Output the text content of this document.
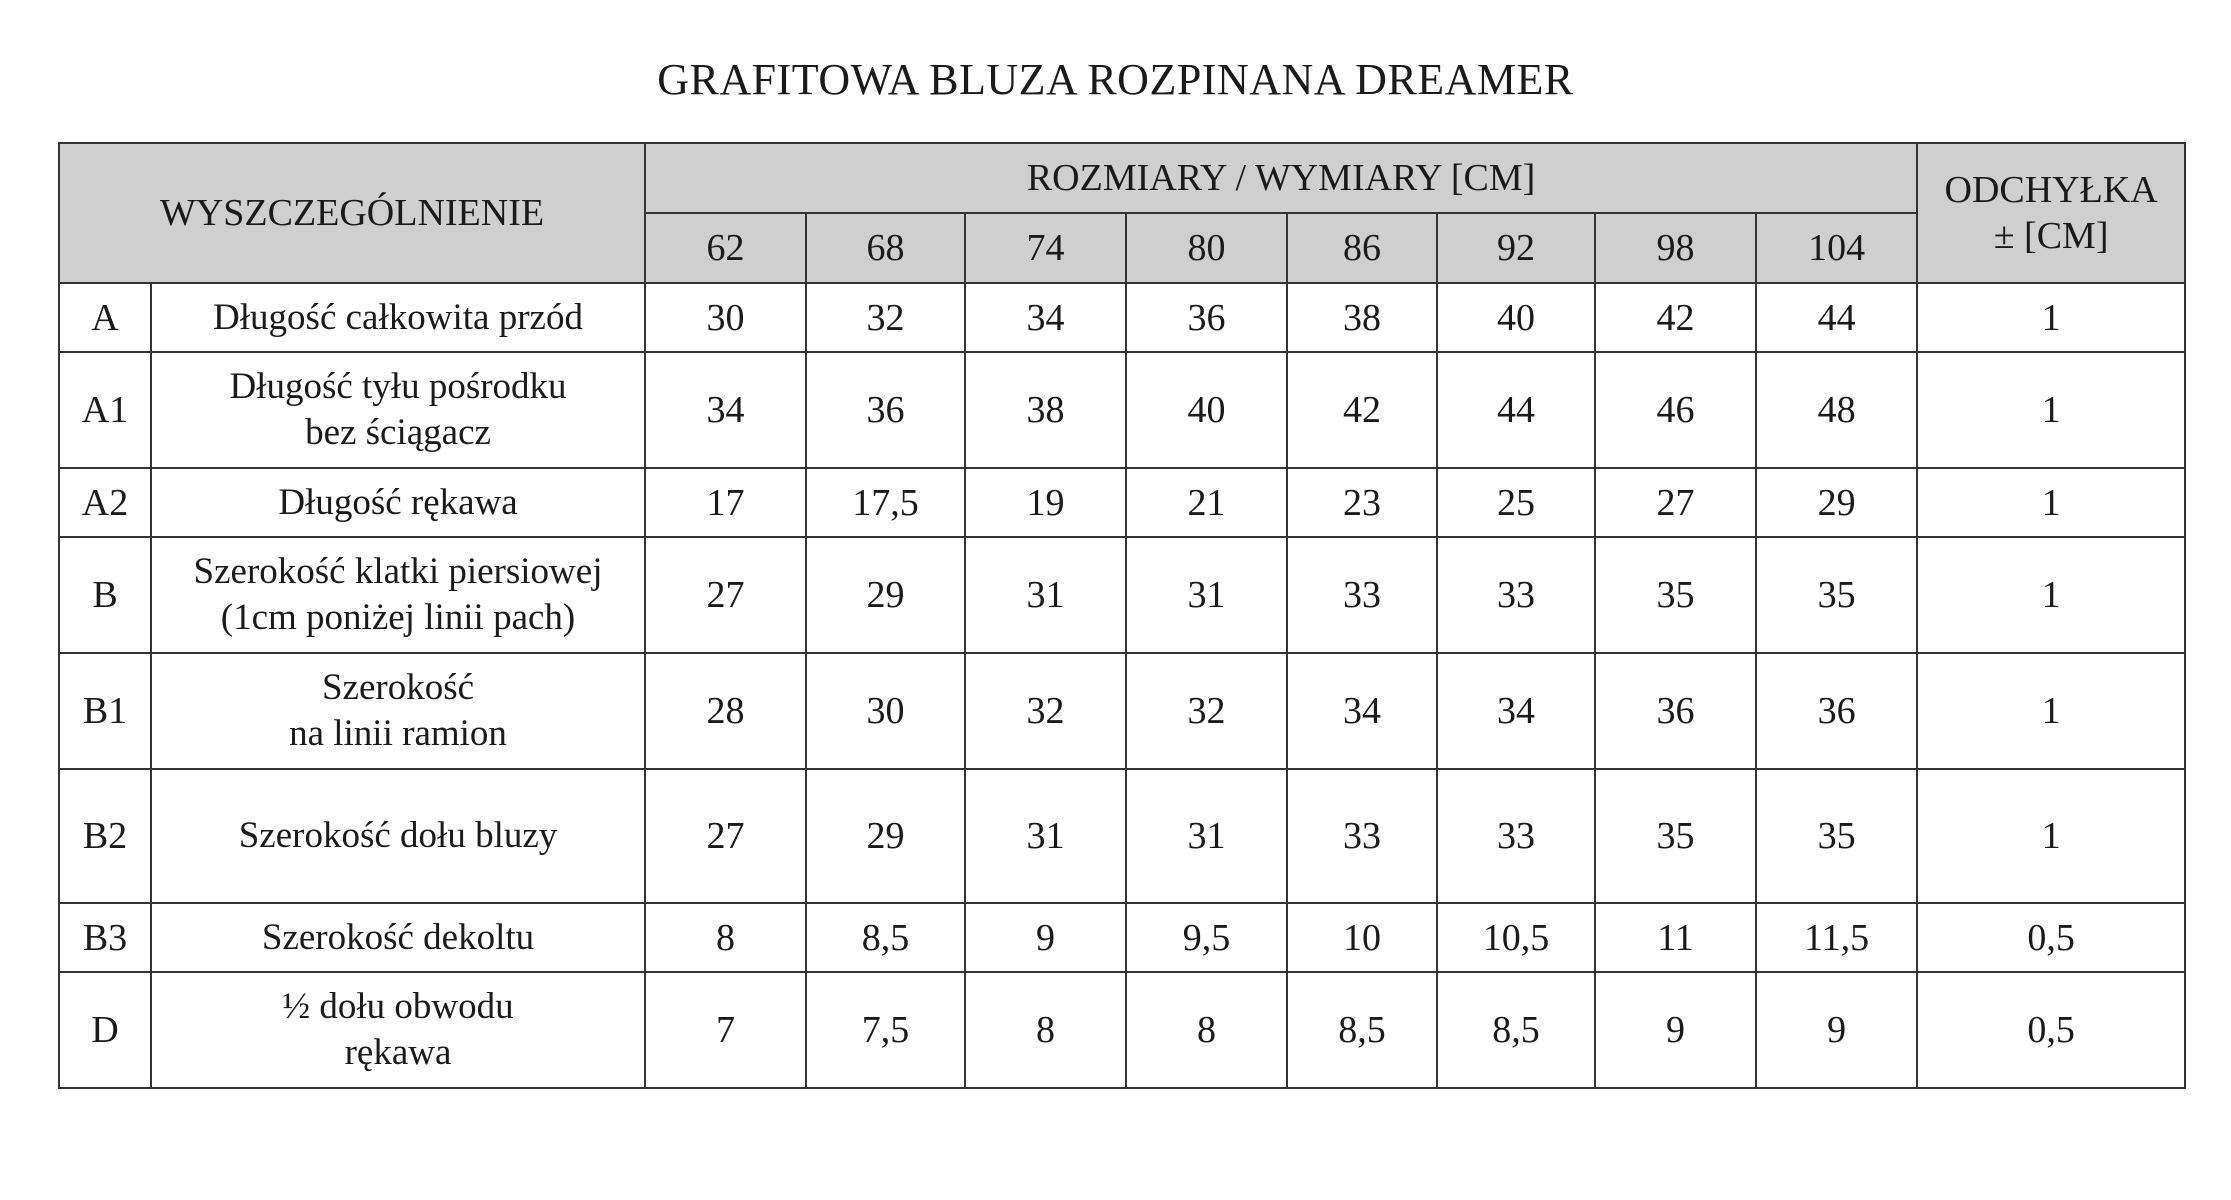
GRAFITOWA BLUZA ROZPINANA DREAMER
WYSZCZEGÓLNIENIE		ROZMIARY / WYMIARY [CM]								ODCHYŁKA
± [CM]
		62	68	74	80	86	92	98	104	
A	Długość całkowita przód	30	32	34	36	38	40	42	44	1
A1	Długość tyłu pośrodku
bez ściągacz	34	36	38	40	42	44	46	48	1
A2	Długość rękawa	17	17,5	19	21	23	25	27	29	1
B	Szerokość klatki piersiowej
(1cm poniżej linii pach)	27	29	31	31	33	33	35	35	1
B1	Szerokość
na linii ramion	28	30	32	32	34	34	36	36	1
B2	Szerokość dołu bluzy	27	29	31	31	33	33	35	35	1
B3	Szerokość dekoltu	8	8,5	9	9,5	10	10,5	11	11,5	0,5
D	½ dołu obwodu
rękawa	7	7,5	8	8	8,5	8,5	9	9	0,5
